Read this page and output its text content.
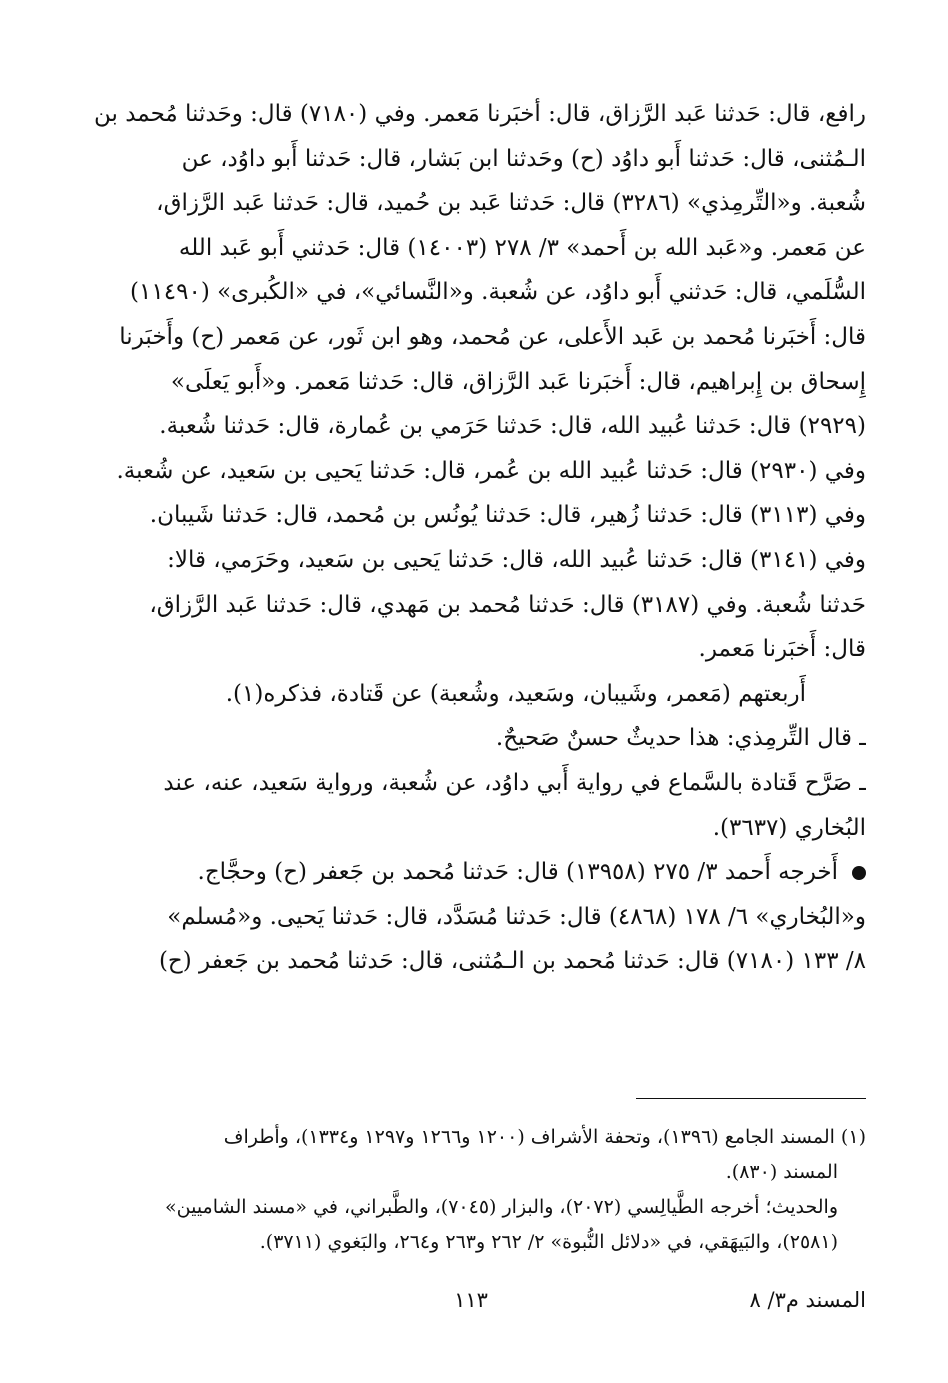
رافع، قال: حَدثنا عَبد الرَّزاق، قال: أخبَرنا مَعمر. وفي (٧١٨٠) قال: وحَدثنا مُحمد بن
الـمُثنى، قال: حَدثنا أَبو داوُد (ح) وحَدثنا ابن بَشار، قال: حَدثنا أَبو داوُد، عن
شُعبة. و«التِّرمِذي» (٣٢٨٦) قال: حَدثنا عَبد بن حُميد، قال: حَدثنا عَبد الرَّزاق،
عن مَعمر. و«عَبد الله بن أَحمد» ٣/ ٢٧٨ (١٤٠٠٣) قال: حَدثني أَبو عَبد الله
السُّلَمي، قال: حَدثني أَبو داوُد، عن شُعبة. و«النَّسائي»، في «الكُبرى» (١١٤٩٠)
قال: أَخبَرنا مُحمد بن عَبد الأَعلى، عن مُحمد، وهو ابن ثَور، عن مَعمر (ح) وأَخبَرنا
إِسحاق بن إِبراهيم، قال: أَخبَرنا عَبد الرَّزاق، قال: حَدثنا مَعمر. و«أَبو يَعلَى»
(٢٩٢٩) قال: حَدثنا عُبيد الله، قال: حَدثنا حَرَمي بن عُمارة، قال: حَدثنا شُعبة.
وفي (٢٩٣٠) قال: حَدثنا عُبيد الله بن عُمر، قال: حَدثنا يَحيى بن سَعيد، عن شُعبة.
وفي (٣١١٣) قال: حَدثنا زُهير، قال: حَدثنا يُونُس بن مُحمد، قال: حَدثنا شَيبان.
وفي (٣١٤١) قال: حَدثنا عُبيد الله، قال: حَدثنا يَحيى بن سَعيد، وحَرَمي، قالا:
حَدثنا شُعبة. وفي (٣١٨٧) قال: حَدثنا مُحمد بن مَهدي، قال: حَدثنا عَبد الرَّزاق،
قال: أَخبَرنا مَعمر.
أَربعتهم (مَعمر، وشَيبان، وسَعيد، وشُعبة) عن قَتادة، فذكره(١).
ـ قال التِّرمِذي: هذا حديثٌ حسنٌ صَحيحٌ.
ـ صَرَّح قَتادة بالسَّماع في رواية أَبي داوُد، عن شُعبة، ورواية سَعيد، عنه، عند
البُخاري (٣٦٣٧).
أَخرجه أَحمد ٣/ ٢٧٥ (١٣٩٥٨) قال: حَدثنا مُحمد بن جَعفر (ح) وحجَّاج.
و«البُخاري» ٦/ ١٧٨ (٤٨٦٨) قال: حَدثنا مُسَدَّد، قال: حَدثنا يَحيى. و«مُسلم»
٨/ ١٣٣ (٧١٨٠) قال: حَدثنا مُحمد بن الـمُثنى، قال: حَدثنا مُحمد بن جَعفر (ح)
(١) المسند الجامع (١٣٩٦)، وتحفة الأشراف (١٢٠٠ و١٢٦٦ و١٢٩٧ و١٣٣٤)، وأطراف
المسند (٨٣٠).
والحديث؛ أخرجه الطَّيالِسي (٢٠٧٢)، والبزار (٧٠٤٥)، والطَّبراني، في «مسند الشاميين»
(٢٥٨١)، والبَيهَقي، في «دلائل النُّبوة» ٢/ ٢٦٢ و٢٦٣ و٢٦٤، والبَغوي (٣٧١١).
المسند م٣/ ٨
١١٣
